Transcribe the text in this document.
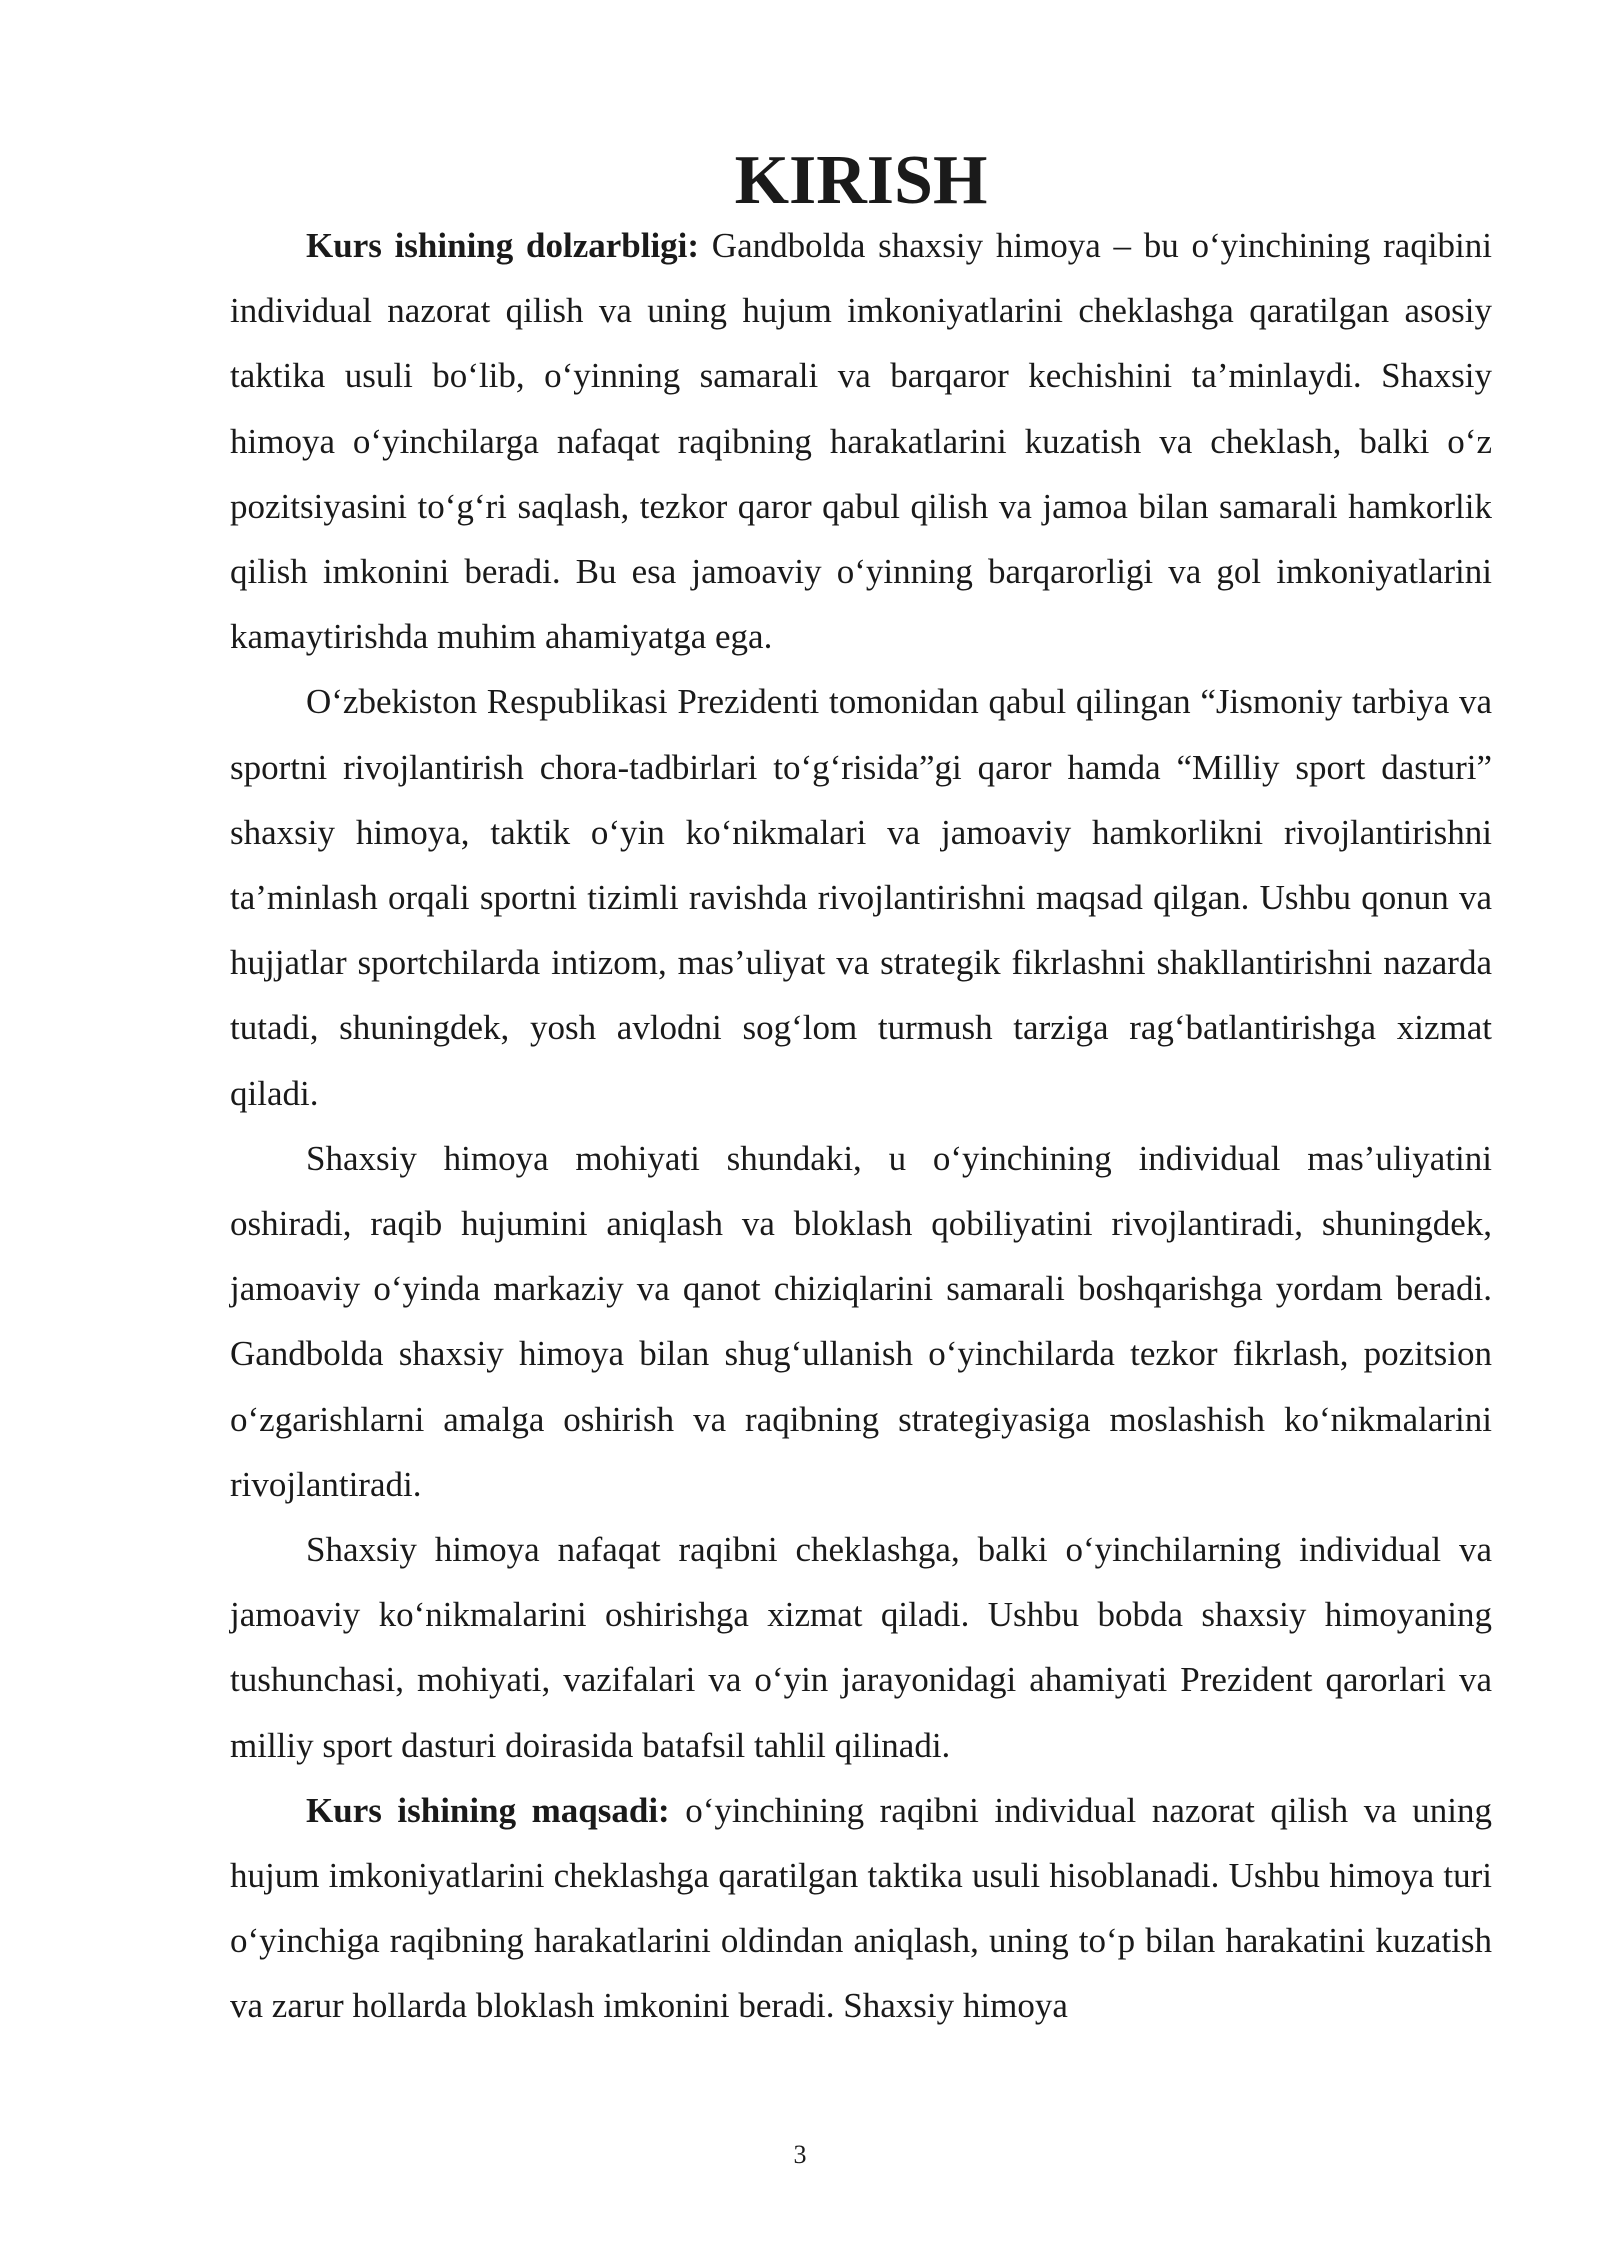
KIRISH

Kurs ishining dolzarbligi: Gandbolda shaxsiy himoya – bu o‘yinchining raqibini individual nazorat qilish va uning hujum imkoniyatlarini cheklashga qaratilgan asosiy taktika usuli bo‘lib, o‘yinning samarali va barqaror kechishini ta’minlaydi. Shaxsiy himoya o‘yinchilarga nafaqat raqibning harakatlarini kuzatish va cheklash, balki o‘z pozitsiyasini to‘g‘ri saqlash, tezkor qaror qabul qilish va jamoa bilan samarali hamkorlik qilish imkonini beradi. Bu esa jamoaviy o‘yinning barqarorligi va gol imkoniyatlarini kamaytirishda muhim ahamiyatga ega.

O‘zbekiston Respublikasi Prezidenti tomonidan qabul qilingan “Jismoniy tarbiya va sportni rivojlantirish chora-tadbirlari to‘g‘risida”gi qaror hamda “Milliy sport dasturi” shaxsiy himoya, taktik o‘yin ko‘nikmalari va jamoaviy hamkorlikni rivojlantirishni ta’minlash orqali sportni tizimli ravishda rivojlantirishni maqsad qilgan. Ushbu qonun va hujjatlar sportchilarda intizom, mas’uliyat va strategik fikrlashni shakllantirishni nazarda tutadi, shuningdek, yosh avlodni sog‘lom turmush tarziga rag‘batlantirishga xizmat qiladi.

Shaxsiy himoya mohiyati shundaki, u o‘yinchining individual mas’uliyatini oshiradi, raqib hujumini aniqlash va bloklash qobiliyatini rivojlantiradi, shuningdek, jamoaviy o‘yinda markaziy va qanot chiziqlarini samarali boshqarishga yordam beradi. Gandbolda shaxsiy himoya bilan shug‘ullanish o‘yinchilarda tezkor fikrlash, pozitsion o‘zgarishlarni amalga oshirish va raqibning strategiyasiga moslashish ko‘nikmalarini rivojlantiradi.

Shaxsiy himoya nafaqat raqibni cheklashga, balki o‘yinchilarning individual va jamoaviy ko‘nikmalarini oshirishga xizmat qiladi. Ushbu bobda shaxsiy himoyaning tushunchasi, mohiyati, vazifalari va o‘yin jarayonidagi ahamiyati Prezident qarorlari va milliy sport dasturi doirasida batafsil tahlil qilinadi.

Kurs ishining maqsadi: o‘yinchining raqibni individual nazorat qilish va uning hujum imkoniyatlarini cheklashga qaratilgan taktika usuli hisoblanadi. Ushbu himoya turi o‘yinchiga raqibning harakatlarini oldindan aniqlash, uning to‘p bilan harakatini kuzatish va zarur hollarda bloklash imkonini beradi. Shaxsiy himoya

3
